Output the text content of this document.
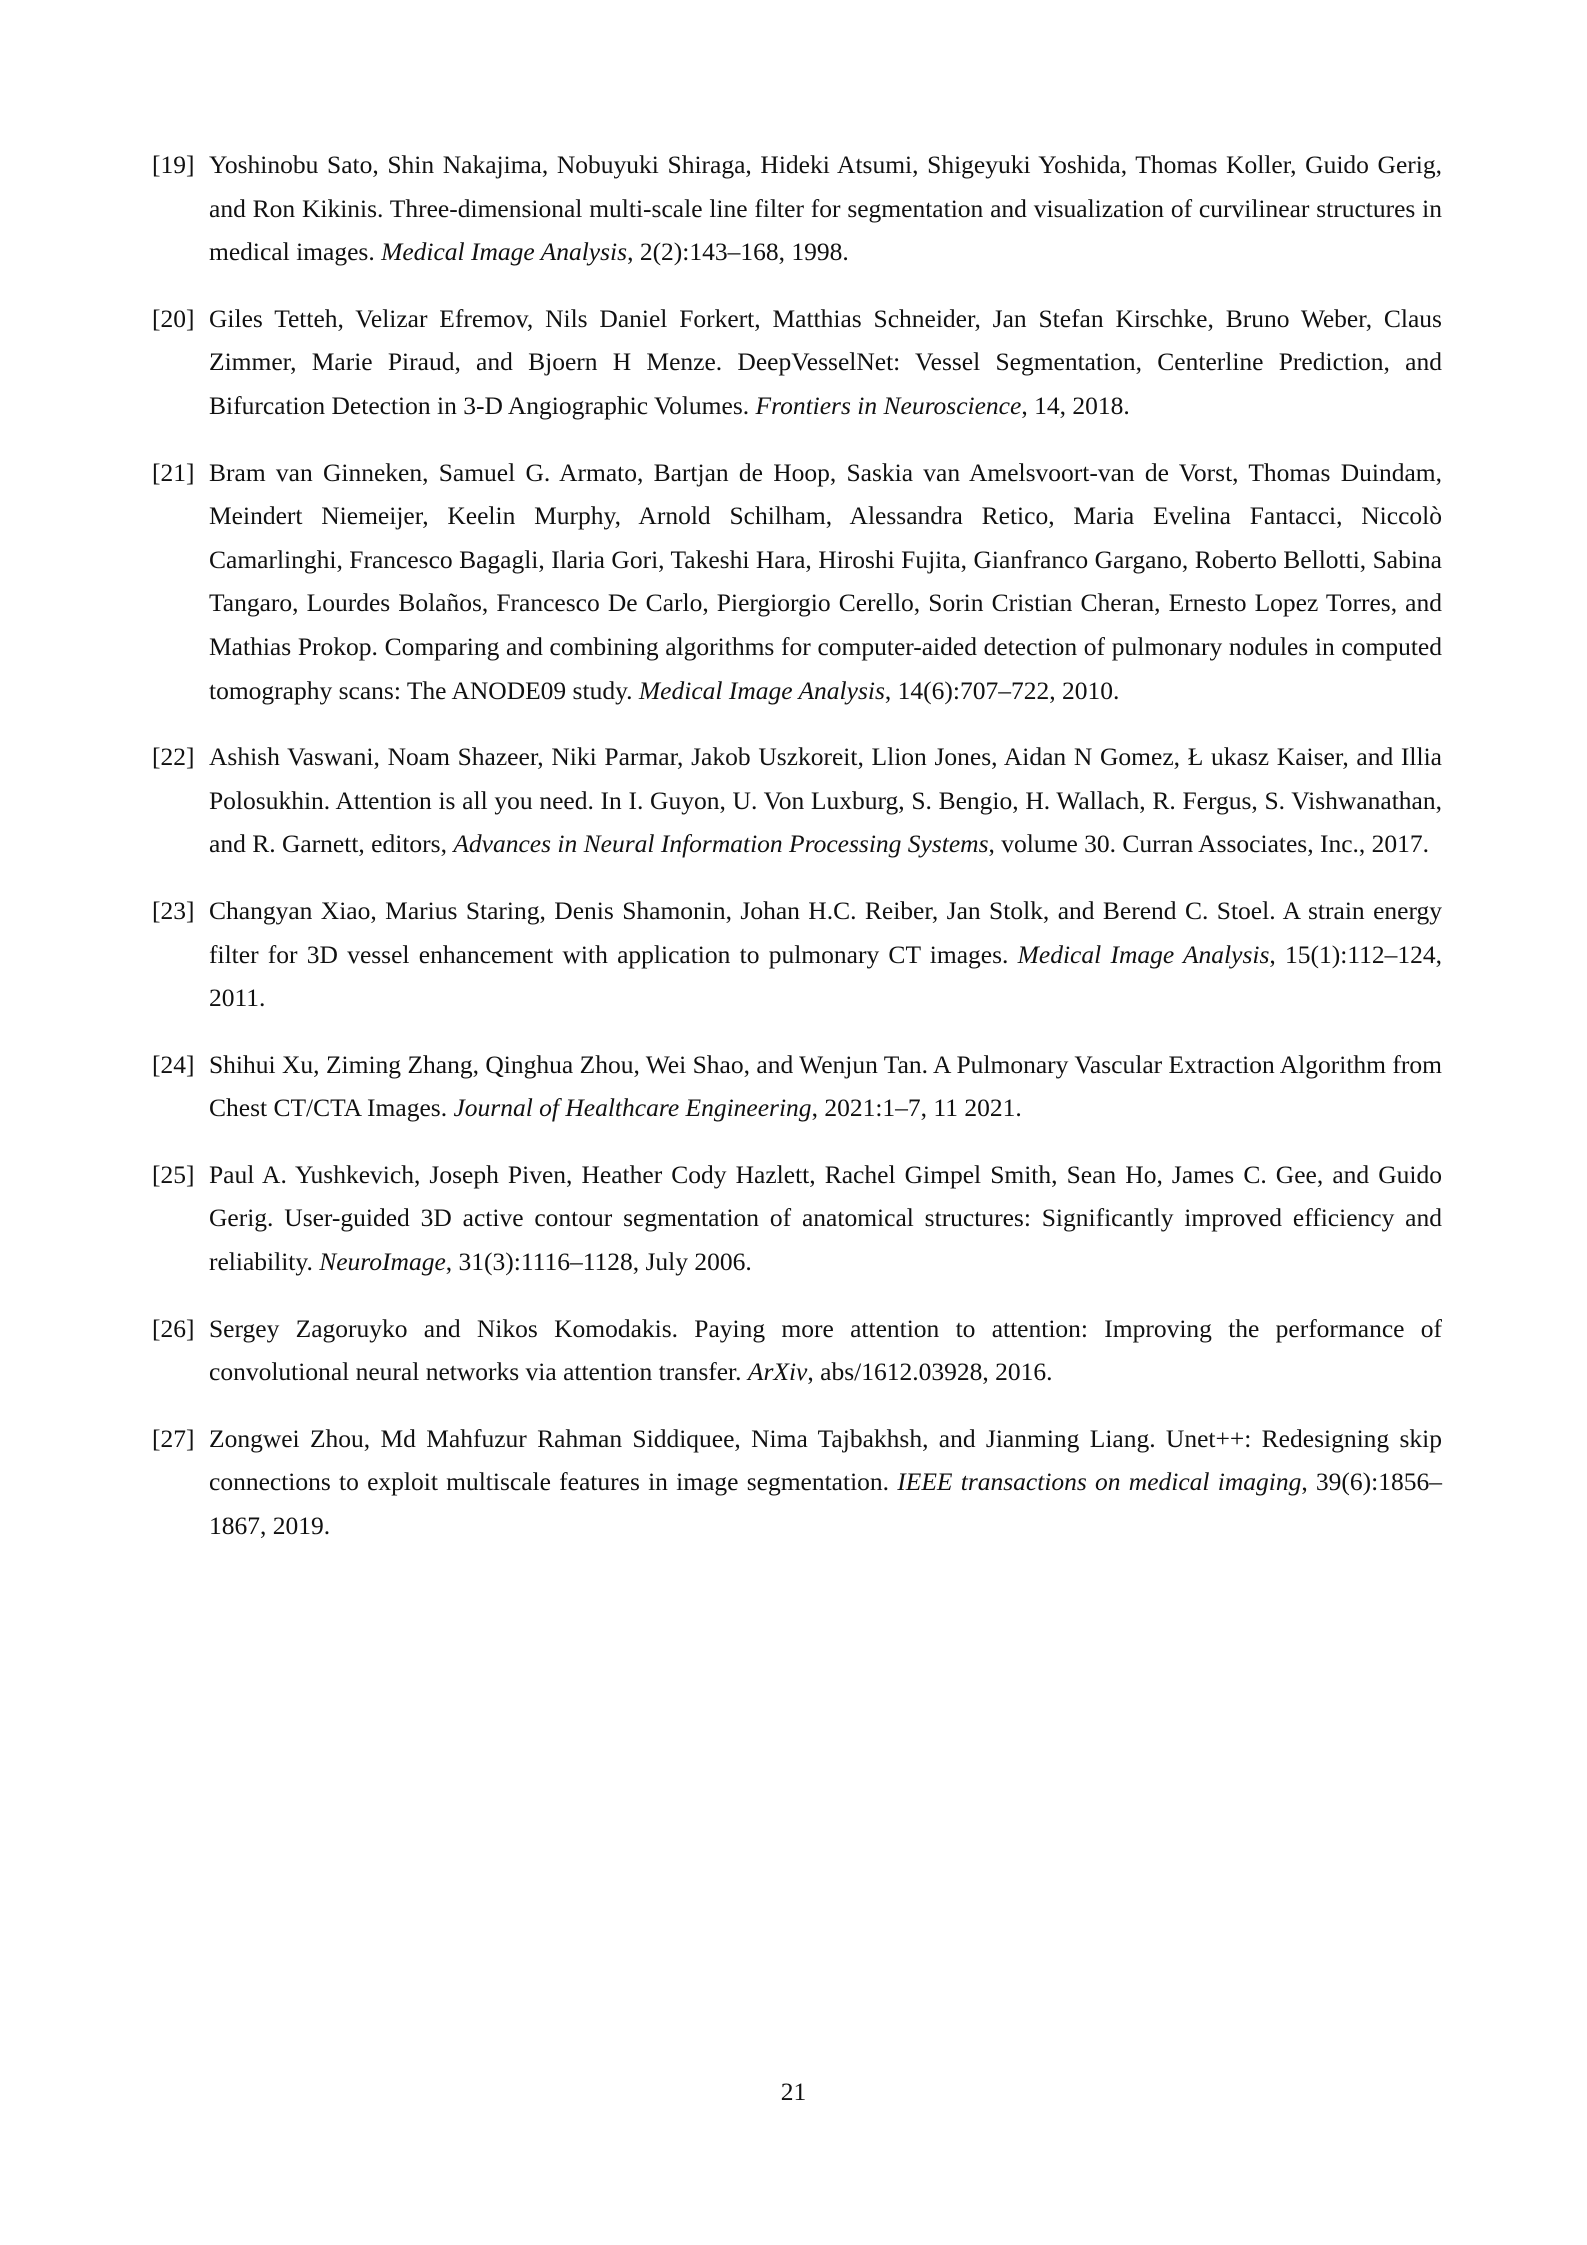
[19] Yoshinobu Sato, Shin Nakajima, Nobuyuki Shiraga, Hideki Atsumi, Shigeyuki Yoshida, Thomas Koller, Guido Gerig, and Ron Kikinis. Three-dimensional multi-scale line filter for segmentation and visualization of curvilinear structures in medical images. Medical Image Analysis, 2(2):143–168, 1998.
[20] Giles Tetteh, Velizar Efremov, Nils Daniel Forkert, Matthias Schneider, Jan Stefan Kirschke, Bruno Weber, Claus Zimmer, Marie Piraud, and Bjoern H Menze. DeepVesselNet: Vessel Segmentation, Centerline Prediction, and Bifurcation Detection in 3-D Angiographic Volumes. Frontiers in Neuroscience, 14, 2018.
[21] Bram van Ginneken, Samuel G. Armato, Bartjan de Hoop, Saskia van Amelsvoort-van de Vorst, Thomas Duindam, Meindert Niemeijer, Keelin Murphy, Arnold Schilham, Alessandra Retico, Maria Evelina Fantacci, Niccolò Camarlinghi, Francesco Bagagli, Ilaria Gori, Takeshi Hara, Hiroshi Fujita, Gianfranco Gargano, Roberto Bellotti, Sabina Tangaro, Lourdes Bolaños, Francesco De Carlo, Piergiorgio Cerello, Sorin Cristian Cheran, Ernesto Lopez Torres, and Mathias Prokop. Comparing and combining algorithms for computer-aided detection of pulmonary nodules in computed tomography scans: The ANODE09 study. Medical Image Analysis, 14(6):707–722, 2010.
[22] Ashish Vaswani, Noam Shazeer, Niki Parmar, Jakob Uszkoreit, Llion Jones, Aidan N Gomez, Ł ukasz Kaiser, and Illia Polosukhin. Attention is all you need. In I. Guyon, U. Von Luxburg, S. Bengio, H. Wallach, R. Fergus, S. Vishwanathan, and R. Garnett, editors, Advances in Neural Information Processing Systems, volume 30. Curran Associates, Inc., 2017.
[23] Changyan Xiao, Marius Staring, Denis Shamonin, Johan H.C. Reiber, Jan Stolk, and Berend C. Stoel. A strain energy filter for 3D vessel enhancement with application to pulmonary CT images. Medical Image Analysis, 15(1):112–124, 2011.
[24] Shihui Xu, Ziming Zhang, Qinghua Zhou, Wei Shao, and Wenjun Tan. A Pulmonary Vascular Extraction Algorithm from Chest CT/CTA Images. Journal of Healthcare Engineering, 2021:1–7, 11 2021.
[25] Paul A. Yushkevich, Joseph Piven, Heather Cody Hazlett, Rachel Gimpel Smith, Sean Ho, James C. Gee, and Guido Gerig. User-guided 3D active contour segmentation of anatomical structures: Significantly improved efficiency and reliability. NeuroImage, 31(3):1116–1128, July 2006.
[26] Sergey Zagoruyko and Nikos Komodakis. Paying more attention to attention: Improving the performance of convolutional neural networks via attention transfer. ArXiv, abs/1612.03928, 2016.
[27] Zongwei Zhou, Md Mahfuzur Rahman Siddiquee, Nima Tajbakhsh, and Jianming Liang. Unet++: Redesigning skip connections to exploit multiscale features in image segmentation. IEEE transactions on medical imaging, 39(6):1856–1867, 2019.
21
